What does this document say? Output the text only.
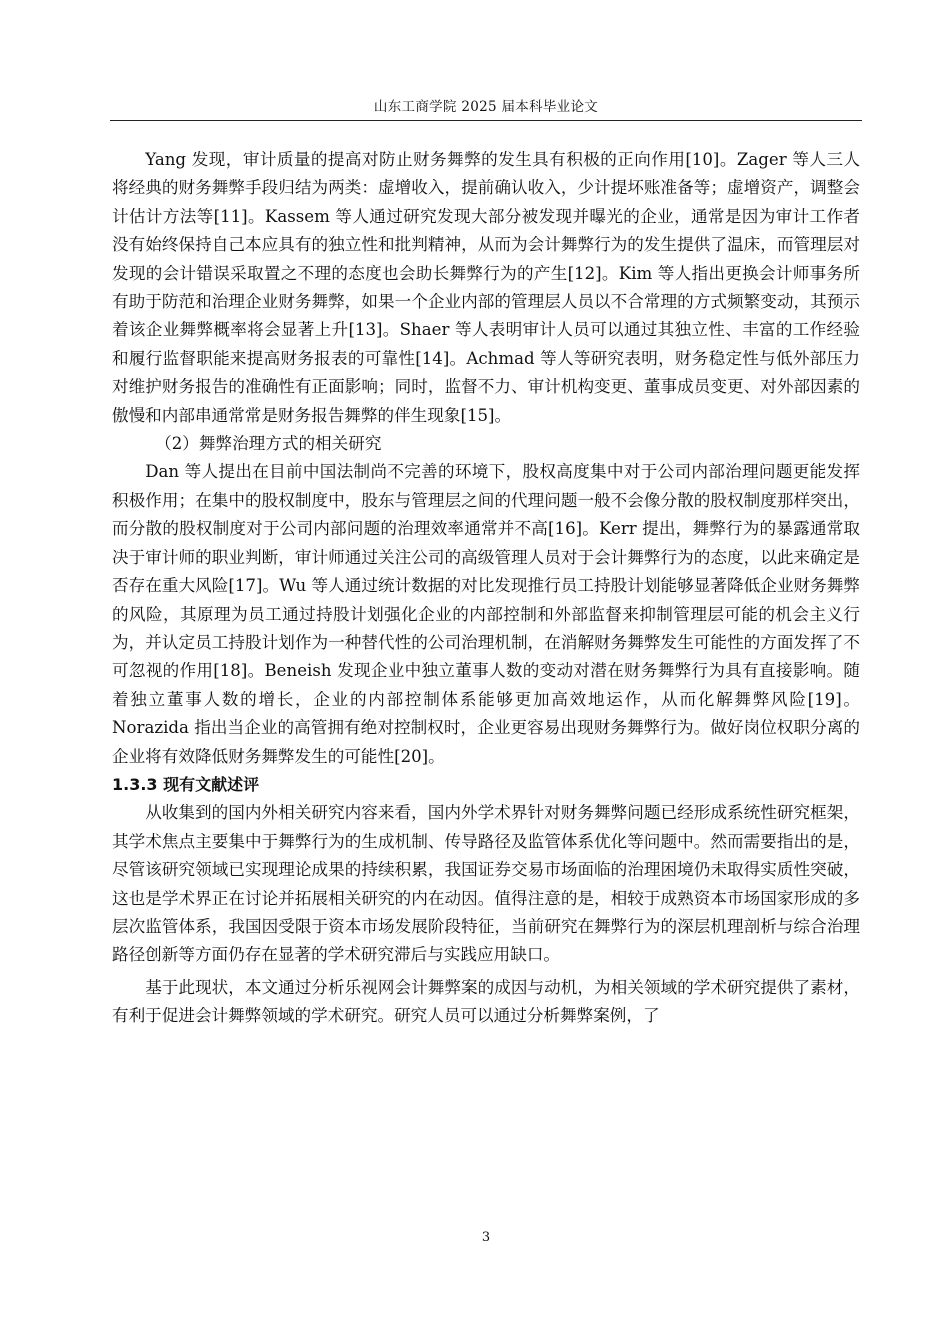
山东工商学院 2025 届本科毕业论文

Yang 发现，审计质量的提高对防止财务舞弊的发生具有积极的正向作用[10]。Zager 等人三人将经典的财务舞弊手段归结为两类：虚增收入，提前确认收入，少计提坏账准备等；虚增资产，调整会计估计方法等[11]。Kassem 等人通过研究发现大部分被发现并曝光的企业，通常是因为审计工作者没有始终保持自己本应具有的独立性和批判精神，从而为会计舞弊行为的发生提供了温床，而管理层对发现的会计错误采取置之不理的态度也会助长舞弊行为的产生[12]。Kim 等人指出更换会计师事务所有助于防范和治理企业财务舞弊，如果一个企业内部的管理层人员以不合常理的方式频繁变动，其预示着该企业舞弊概率将会显著上升[13]。Shaer 等人表明审计人员可以通过其独立性、丰富的工作经验和履行监督职能来提高财务报表的可靠性[14]。Achmad 等人等研究表明，财务稳定性与低外部压力对维护财务报告的准确性有正面影响；同时，监督不力、审计机构变更、董事成员变更、对外部因素的傲慢和内部串通常常是财务报告舞弊的伴生现象[15]。

（2）舞弊治理方式的相关研究

Dan 等人提出在目前中国法制尚不完善的环境下，股权高度集中对于公司内部治理问题更能发挥积极作用；在集中的股权制度中，股东与管理层之间的代理问题一般不会像分散的股权制度那样突出，而分散的股权制度对于公司内部问题的治理效率通常并不高[16]。Kerr 提出，舞弊行为的暴露通常取决于审计师的职业判断，审计师通过关注公司的高级管理人员对于会计舞弊行为的态度，以此来确定是否存在重大风险[17]。Wu 等人通过统计数据的对比发现推行员工持股计划能够显著降低企业财务舞弊的风险，其原理为员工通过持股计划强化企业的内部控制和外部监督来抑制管理层可能的机会主义行为，并认定员工持股计划作为一种替代性的公司治理机制，在消解财务舞弊发生可能性的方面发挥了不可忽视的作用[18]。Beneish 发现企业中独立董事人数的变动对潜在财务舞弊行为具有直接影响。随着独立董事人数的增长，企业的内部控制体系能够更加高效地运作，从而化解舞弊风险[19]。Norazida 指出当企业的高管拥有绝对控制权时，企业更容易出现财务舞弊行为。做好岗位权职分离的企业将有效降低财务舞弊发生的可能性[20]。

1.3.3 现有文献述评

从收集到的国内外相关研究内容来看，国内外学术界针对财务舞弊问题已经形成系统性研究框架，其学术焦点主要集中于舞弊行为的生成机制、传导路径及监管体系优化等问题中。然而需要指出的是，尽管该研究领域已实现理论成果的持续积累，我国证券交易市场面临的治理困境仍未取得实质性突破，这也是学术界正在讨论并拓展相关研究的内在动因。值得注意的是，相较于成熟资本市场国家形成的多层次监管体系，我国因受限于资本市场发展阶段特征，当前研究在舞弊行为的深层机理剖析与综合治理路径创新等方面仍存在显著的学术研究滞后与实践应用缺口。

基于此现状，本文通过分析乐视网会计舞弊案的成因与动机，为相关领域的学术研究提供了素材，有利于促进会计舞弊领域的学术研究。研究人员可以通过分析舞弊案例，了

3
